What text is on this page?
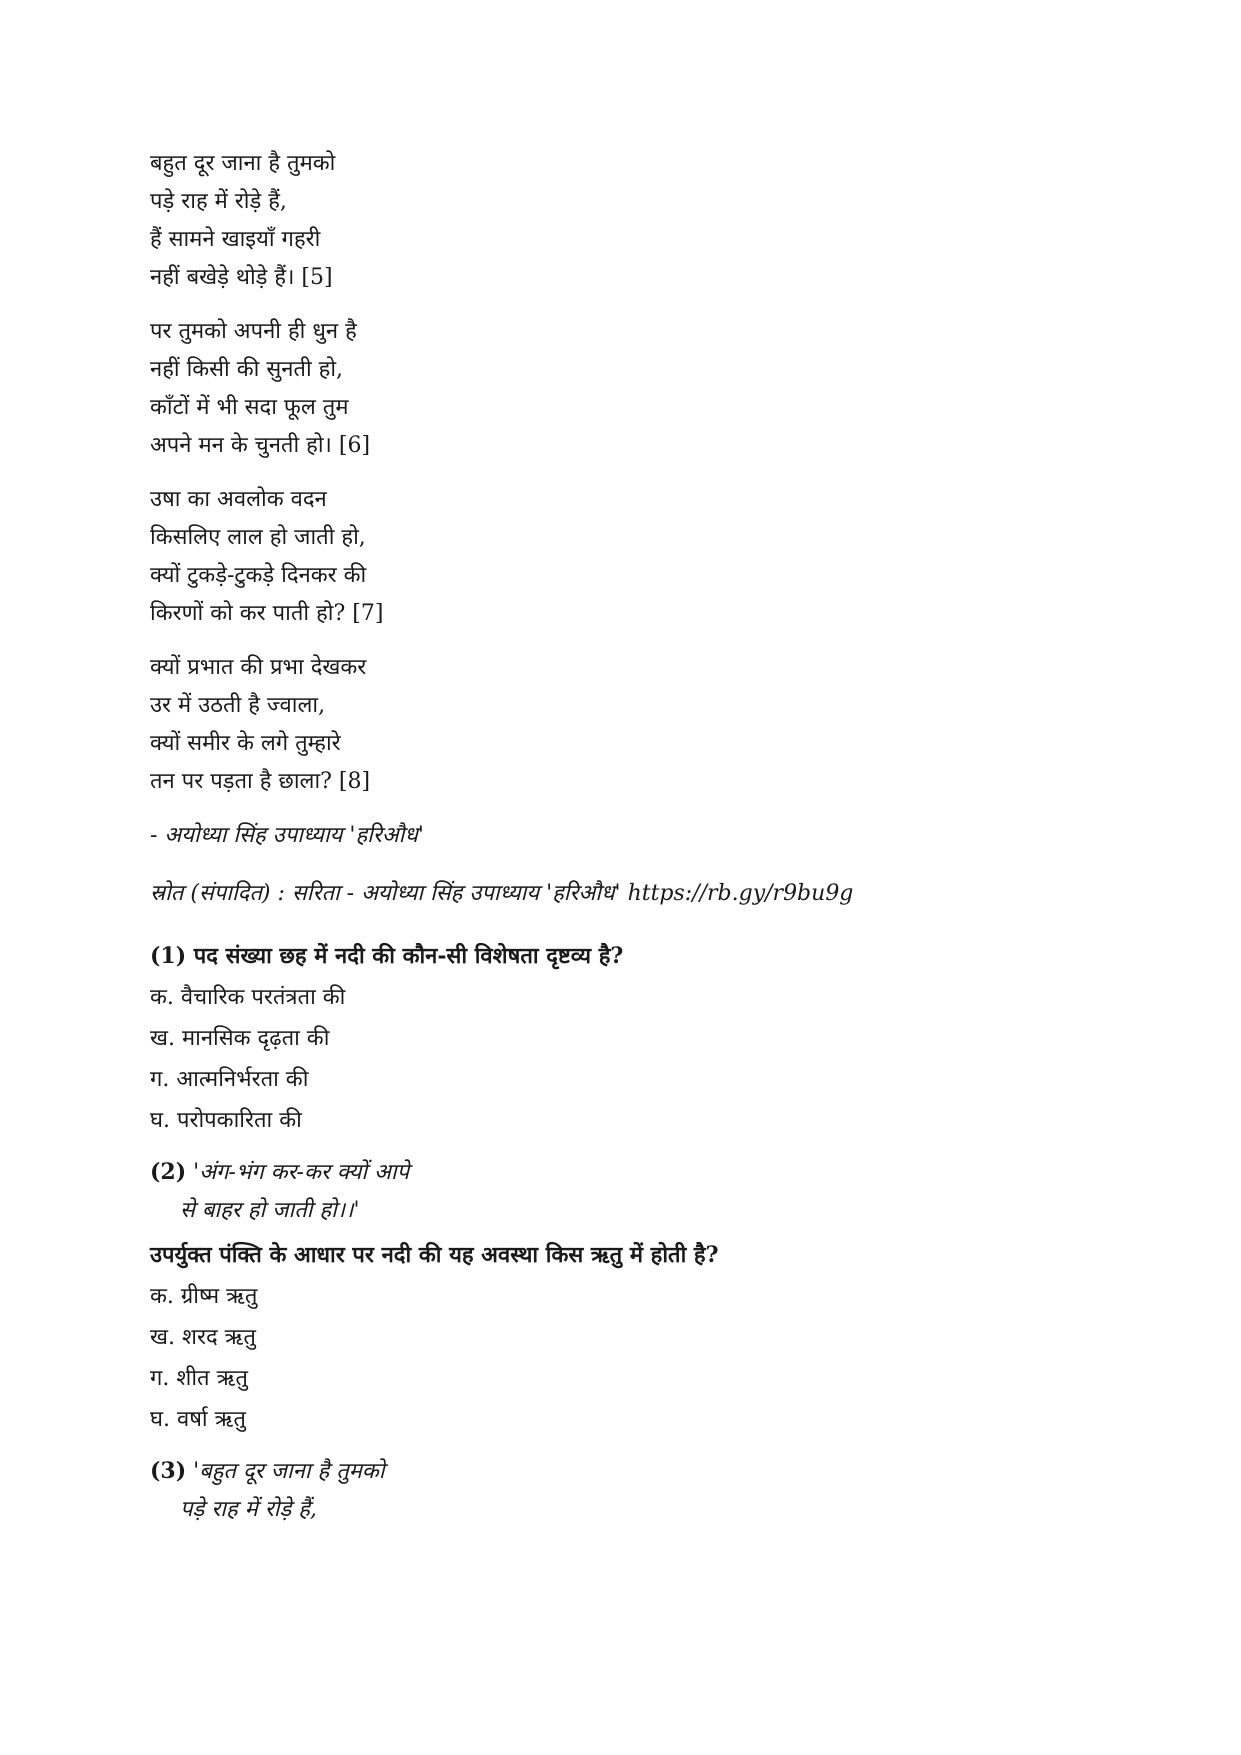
बहुत दूर जाना है तुमको
पड़े राह में रोड़े हैं,
हैं सामने खाइयाँ गहरी
नहीं बखेड़े थोड़े हैं। [5]
पर तुमको अपनी ही धुन है
नहीं किसी की सुनती हो,
काँटों में भी सदा फूल तुम
अपने मन के चुनती हो। [6]
उषा का अवलोक वदन
किसलिए लाल हो जाती हो,
क्यों टुकड़े-टुकड़े दिनकर की
किरणों को कर पाती हो? [7]
क्यों प्रभात की प्रभा देखकर
उर में उठती है ज्वाला,
क्यों समीर के लगे तुम्हारे
तन पर पड़ता है छाला? [8]
- अयोध्या सिंह उपाध्याय 'हरिऔध'
स्रोत (संपादित) : सरिता - अयोध्या सिंह उपाध्याय 'हरिऔध' https://rb.gy/r9bu9g
(1) पद संख्या छह में नदी की कौन-सी विशेषता दृष्टव्य है?
क. वैचारिक परतंत्रता की
ख. मानसिक दृढ़ता की
ग. आत्मनिर्भरता की
घ. परोपकारिता की
(2) 'अंग-भंग कर-कर क्यों आपे
से बाहर हो जाती हो।।'
उपर्युक्त पंक्ति के आधार पर नदी की यह अवस्था किस ऋतु में होती है?
क. ग्रीष्म ऋतु
ख. शरद ऋतु
ग. शीत ऋतु
घ. वर्षा ऋतु
(3) 'बहुत दूर जाना है तुमको
पड़े राह में रोड़े हैं,
